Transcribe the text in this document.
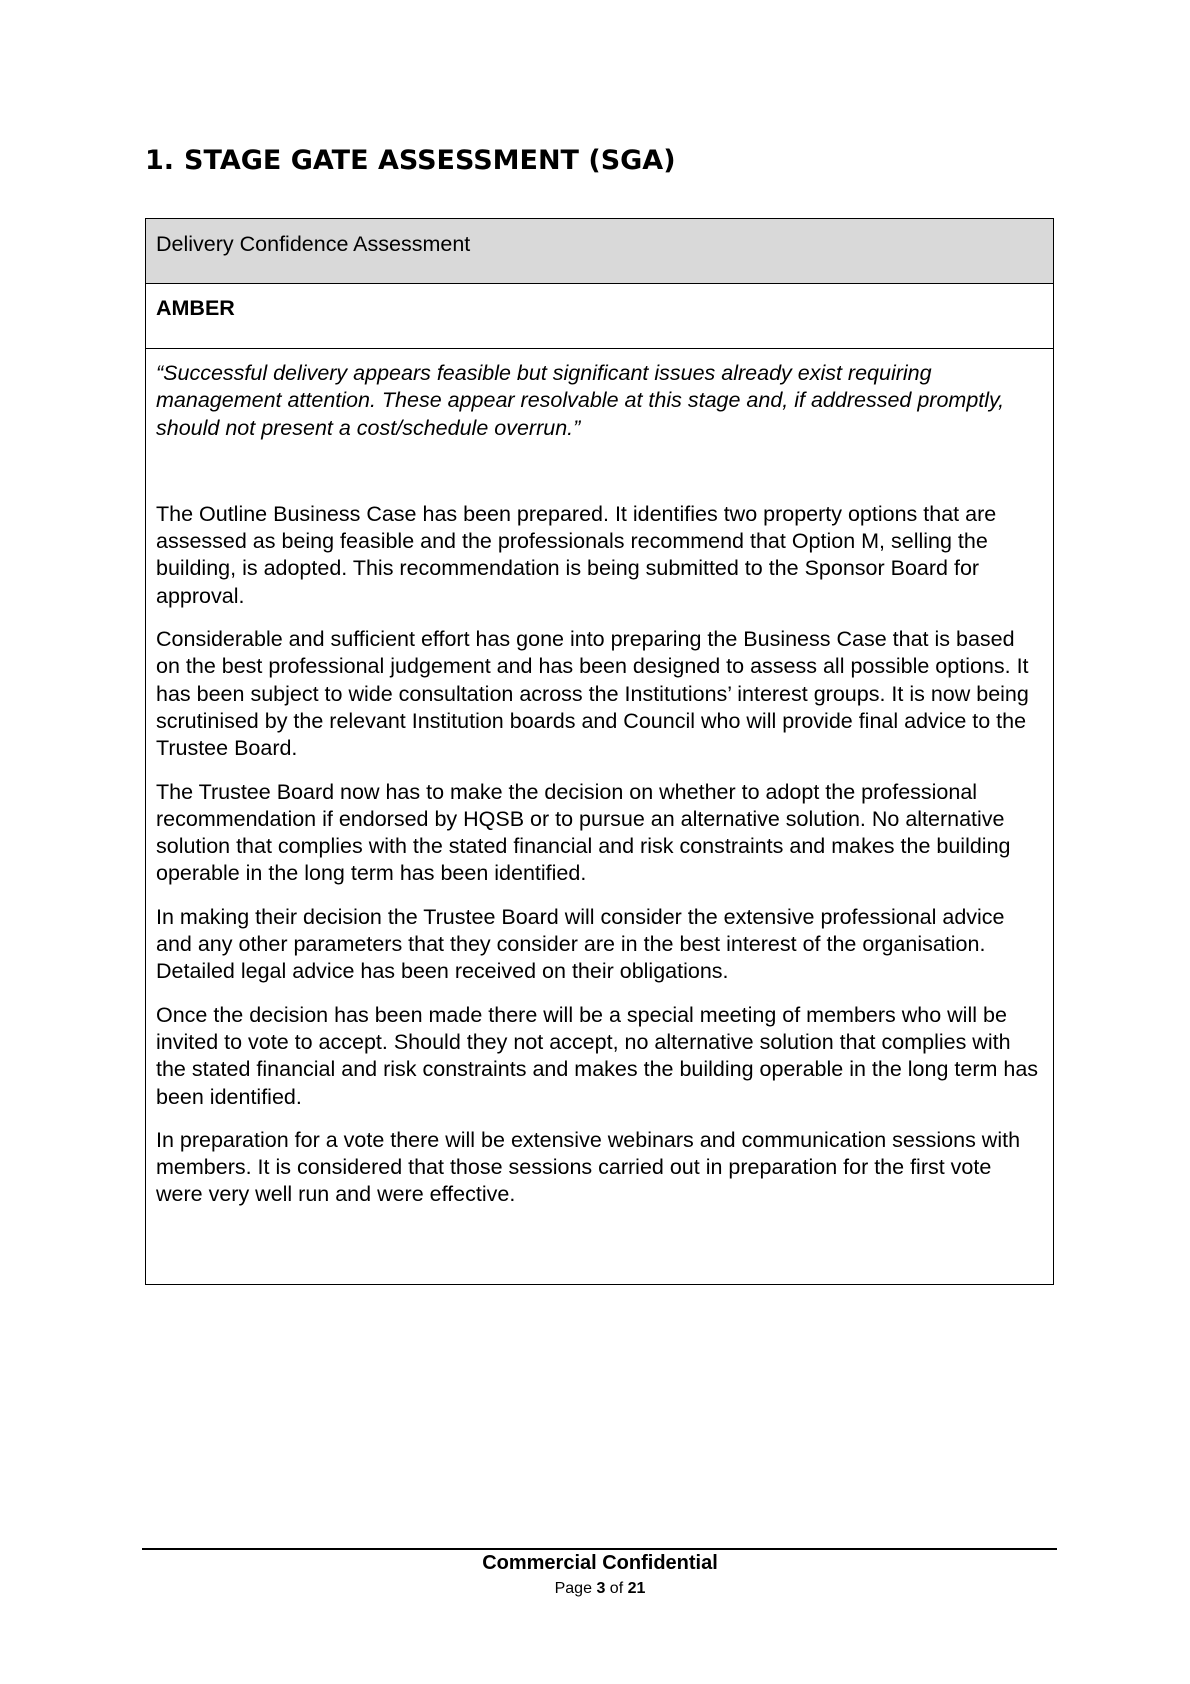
1. STAGE GATE ASSESSMENT (SGA)
Delivery Confidence Assessment
AMBER

“Successful delivery appears feasible but significant issues already exist requiring management attention. These appear resolvable at this stage and, if addressed promptly, should not present a cost/schedule overrun.”

The Outline Business Case has been prepared. It identifies two property options that are assessed as being feasible and the professionals recommend that Option M, selling the building, is adopted. This recommendation is being submitted to the Sponsor Board for approval.

Considerable and sufficient effort has gone into preparing the Business Case that is based on the best professional judgement and has been designed to assess all possible options. It has been subject to wide consultation across the Institutions’ interest groups. It is now being scrutinised by the relevant Institution boards and Council who will provide final advice to the Trustee Board.

The Trustee Board now has to make the decision on whether to adopt the professional recommendation if endorsed by HQSB or to pursue an alternative solution. No alternative solution that complies with the stated financial and risk constraints and makes the building operable in the long term has been identified.

In making their decision the Trustee Board will consider the extensive professional advice and any other parameters that they consider are in the best interest of the organisation. Detailed legal advice has been received on their obligations.

Once the decision has been made there will be a special meeting of members who will be invited to vote to accept. Should they not accept, no alternative solution that complies with the stated financial and risk constraints and makes the building operable in the long term has been identified.

In preparation for a vote there will be extensive webinars and communication sessions with members. It is considered that those sessions carried out in preparation for the first vote were very well run and were effective.

Commercial Confidential
Page 3 of 21
